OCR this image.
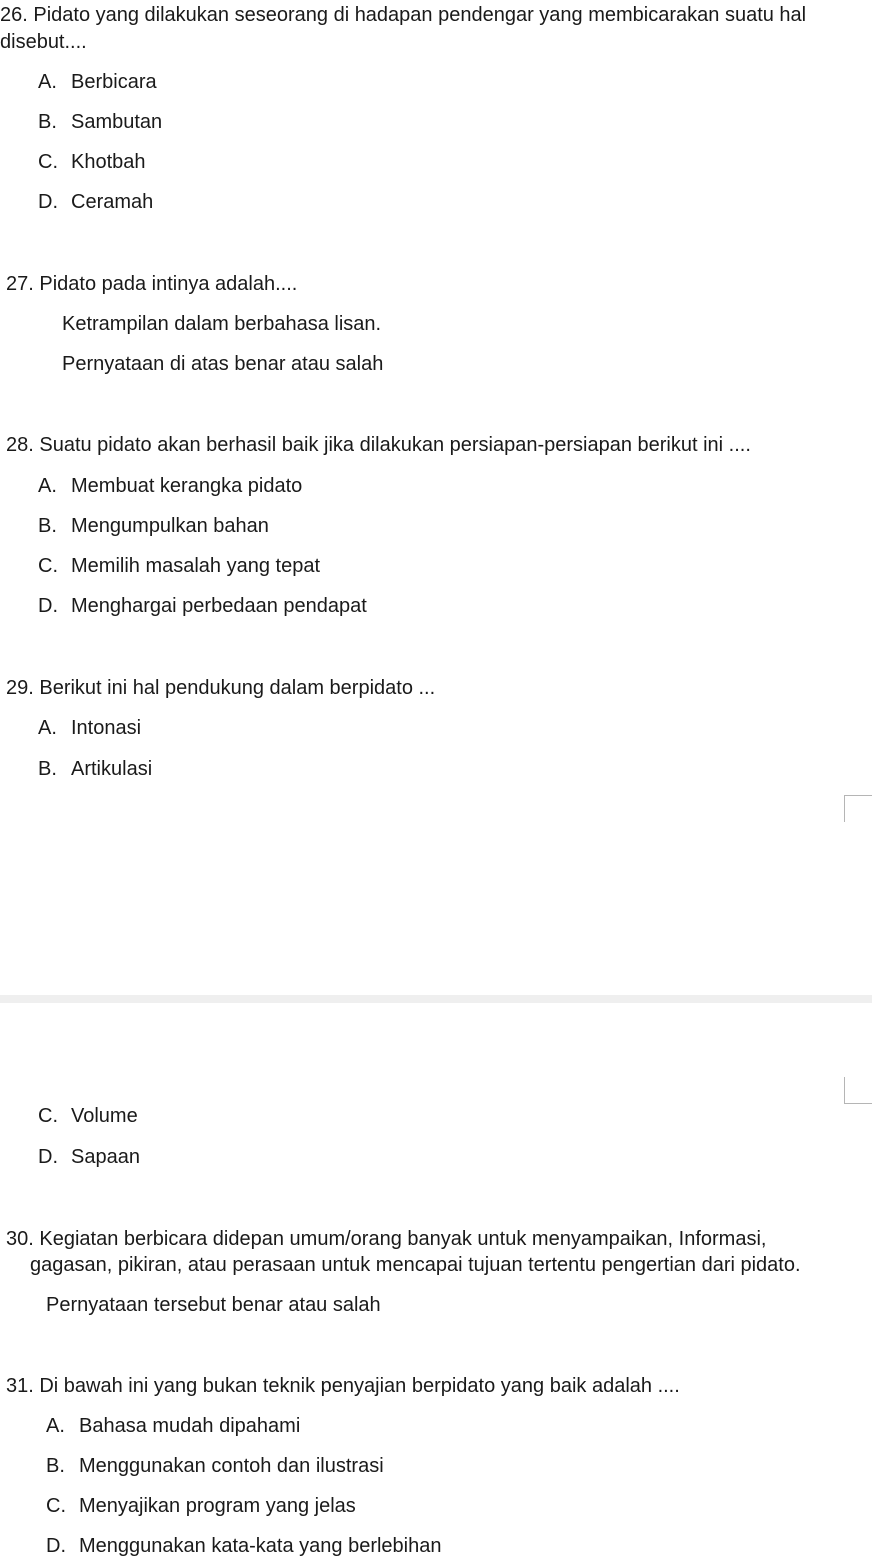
26. Pidato yang dilakukan seseorang di hadapan pendengar yang membicarakan suatu hal
disebut....
A. Berbicara
B. Sambutan
C. Khotbah
D. Ceramah
27. Pidato pada intinya adalah....
Ketrampilan dalam berbahasa lisan.
Pernyataan di atas benar atau salah
28. Suatu pidato akan berhasil baik jika dilakukan persiapan-persiapan berikut ini ....
A. Membuat kerangka pidato
B. Mengumpulkan bahan
C. Memilih masalah yang tepat
D. Menghargai perbedaan pendapat
29. Berikut ini hal pendukung dalam berpidato ...
A. Intonasi
B. Artikulasi
C. Volume
D. Sapaan
30. Kegiatan berbicara didepan umum/orang banyak untuk menyampaikan, Informasi,
gagasan, pikiran, atau perasaan untuk mencapai tujuan tertentu pengertian dari pidato.
Pernyataan tersebut benar atau salah
31. Di bawah ini yang bukan teknik penyajian berpidato yang baik adalah ....
A. Bahasa mudah dipahami
B. Menggunakan contoh dan ilustrasi
C. Menyajikan program yang jelas
D. Menggunakan kata-kata yang berlebihan
